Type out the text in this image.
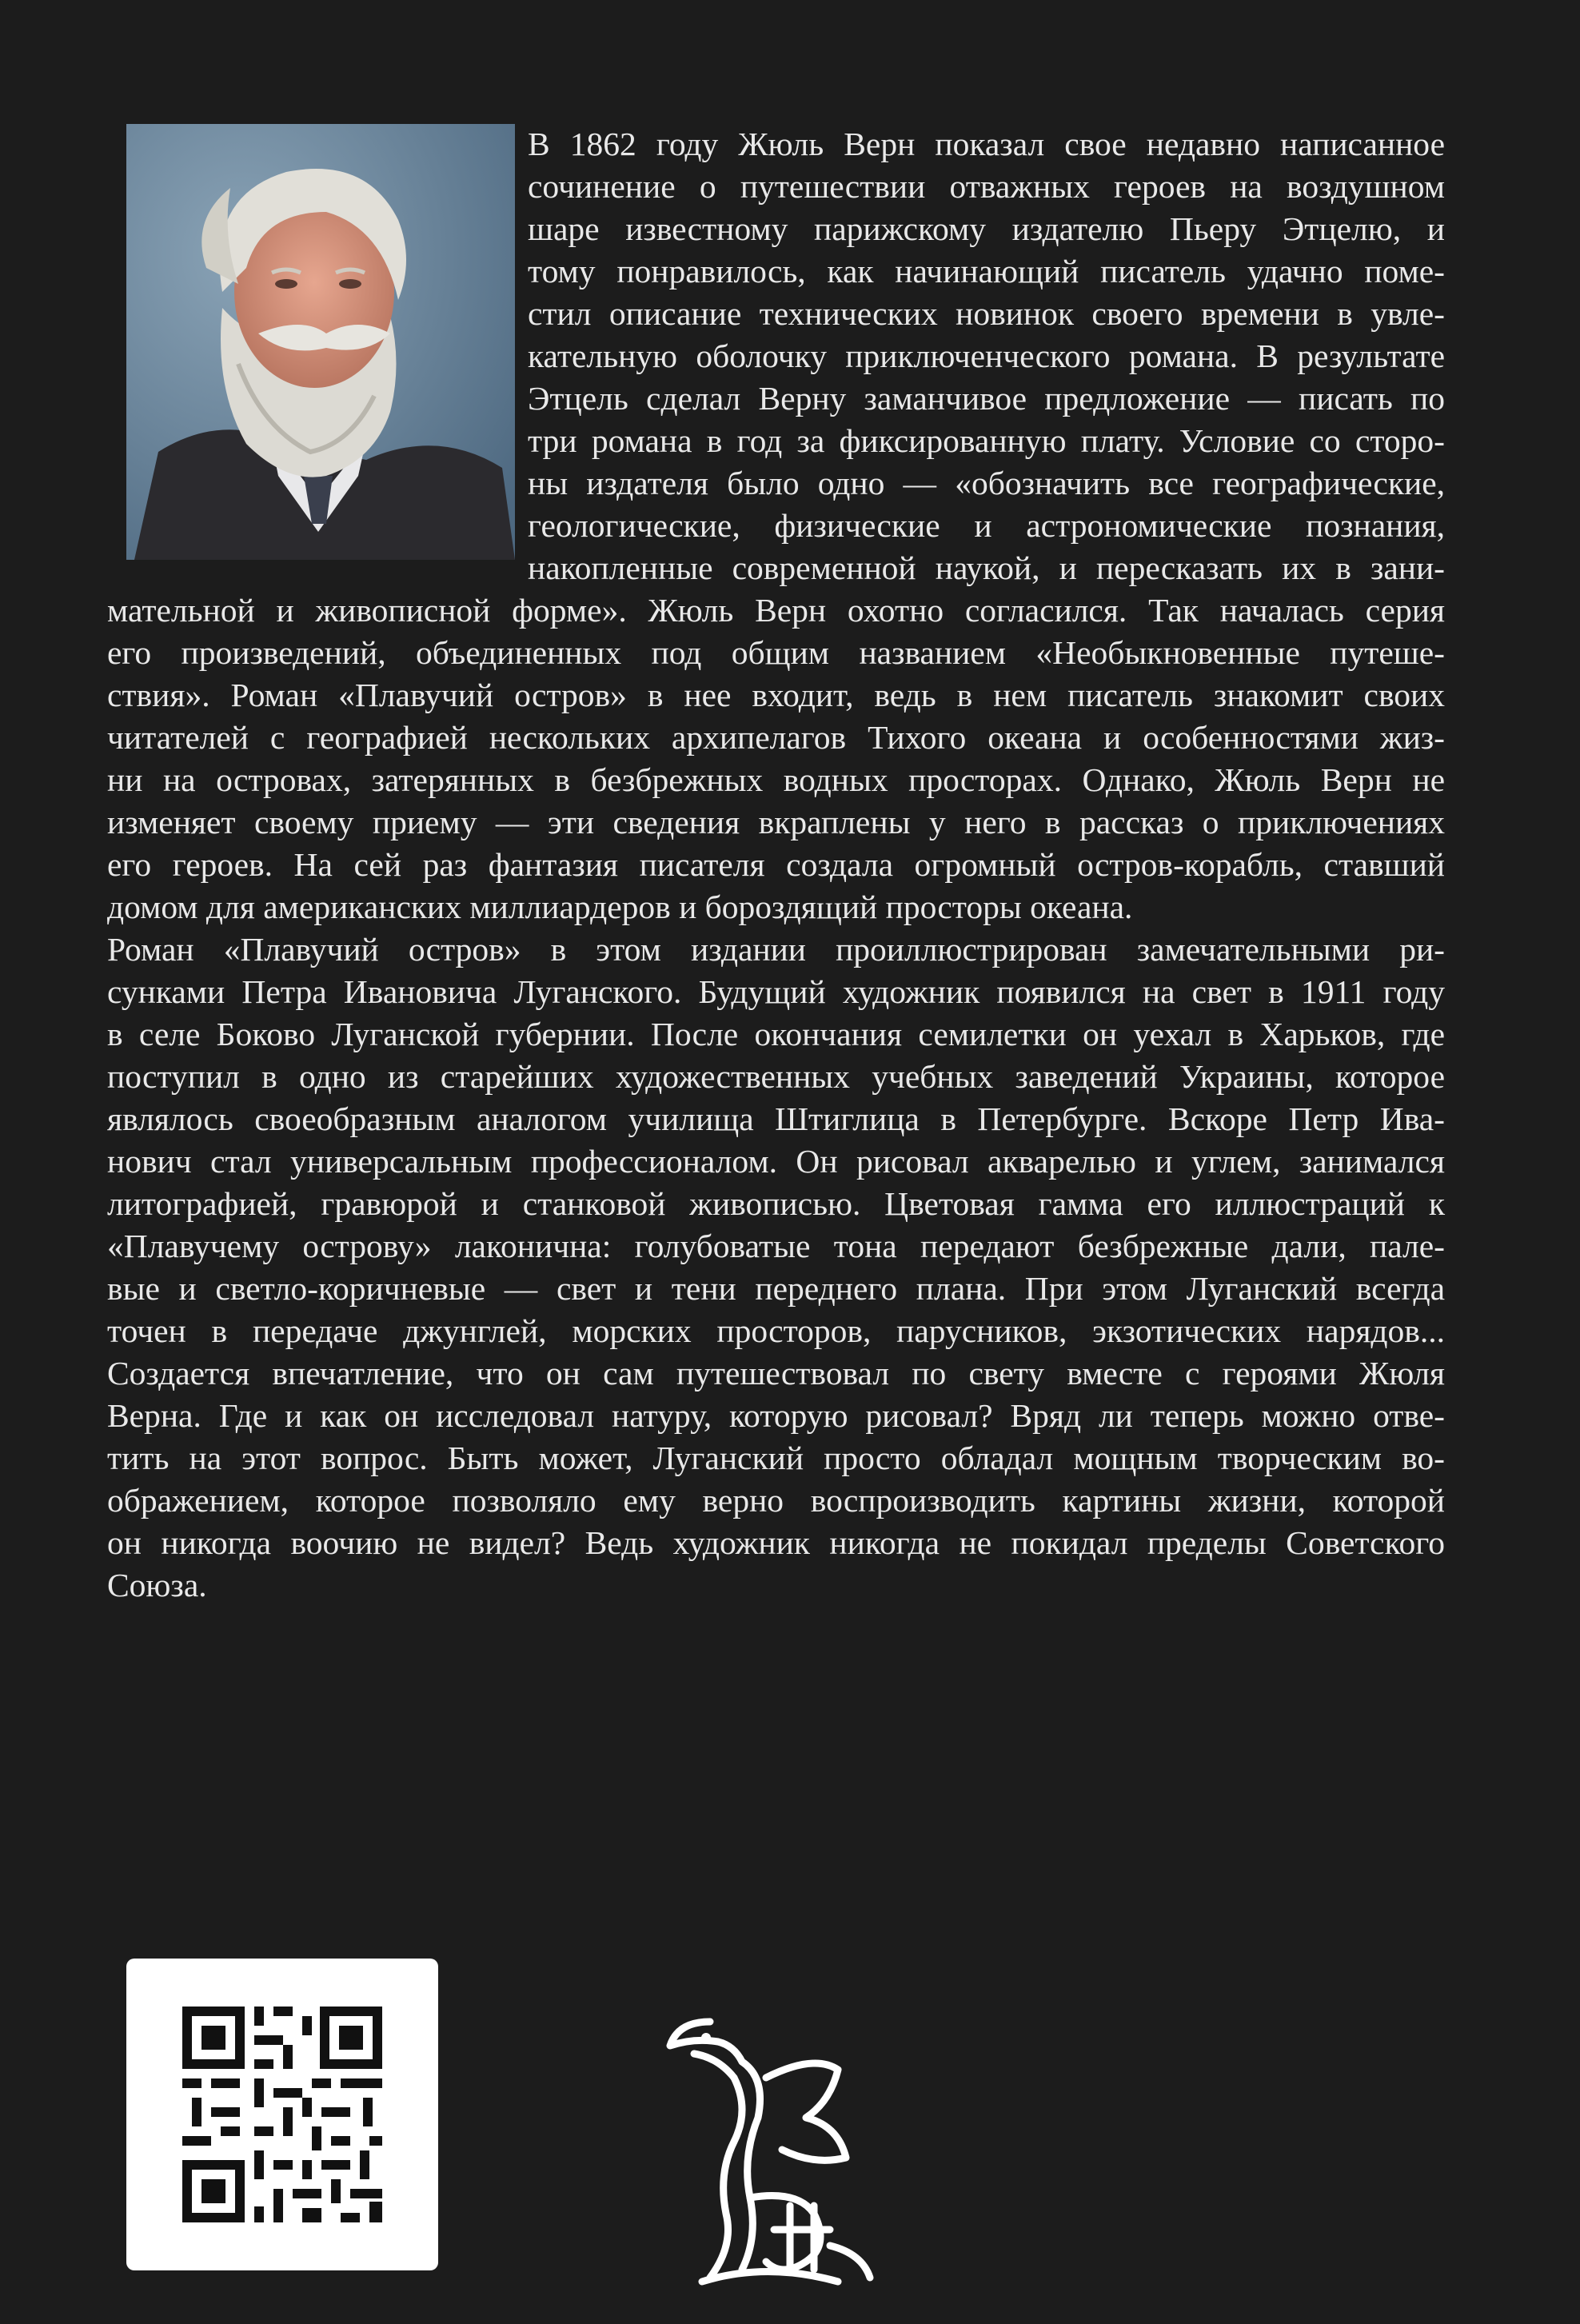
В 1862 году Жюль Верн показал свое недавно написанное
сочинение о путешествии отважных героев на воздушном
шаре известному парижскому издателю Пьеру Этцелю, и
тому понравилось, как начинающий писатель удачно поме-
стил описание технических новинок своего времени в увле-
кательную оболочку приключенческого романа. В результате
Этцель сделал Верну заманчивое предложение — писать по
три романа в год за фиксированную плату. Условие со сторо-
ны издателя было одно — «обозначить все географические,
геологические, физические и астрономические познания,
накопленные современной наукой, и пересказать их в зани-
мательной и живописной форме». Жюль Верн охотно согласился. Так началась серия
его произведений, объединенных под общим названием «Необыкновенные путеше-
ствия». Роман «Плавучий остров» в нее входит, ведь в нем писатель знакомит своих
читателей с географией нескольких архипелагов Тихого океана и особенностями жиз-
ни на островах, затерянных в безбрежных водных просторах. Однако, Жюль Верн не
изменяет своему приему — эти сведения вкраплены у него в рассказ о приключениях
его героев. На сей раз фантазия писателя создала огромный остров-корабль, ставший
домом для американских миллиардеров и бороздящий просторы океана.
Роман «Плавучий остров» в этом издании проиллюстрирован замечательными ри-
сунками Петра Ивановича Луганского. Будущий художник появился на свет в 1911 году
в селе Боково Луганской губернии. После окончания семилетки он уехал в Харьков, где
поступил в одно из старейших художественных учебных заведений Украины, которое
являлось своеобразным аналогом училища Штиглица в Петербурге. Вскоре Петр Ива-
нович стал универсальным профессионалом. Он рисовал акварелью и углем, занимался
литографией, гравюрой и станковой живописью. Цветовая гамма его иллюстраций к
«Плавучему острову» лаконична: голубоватые тона передают безбрежные дали, пале-
вые и светло-коричневые — свет и тени переднего плана. При этом Луганский всегда
точен в передаче джунглей, морских просторов, парусников, экзотических нарядов...
Создается впечатление, что он сам путешествовал по свету вместе с героями Жюля
Верна. Где и как он исследовал натуру, которую рисовал? Вряд ли теперь можно отве-
тить на этот вопрос. Быть может, Луганский просто обладал мощным творческим во-
ображением, которое позволяло ему верно воспроизводить картины жизни, которой
он никогда воочию не видел? Ведь художник никогда не покидал пределы Советского
Союза.
